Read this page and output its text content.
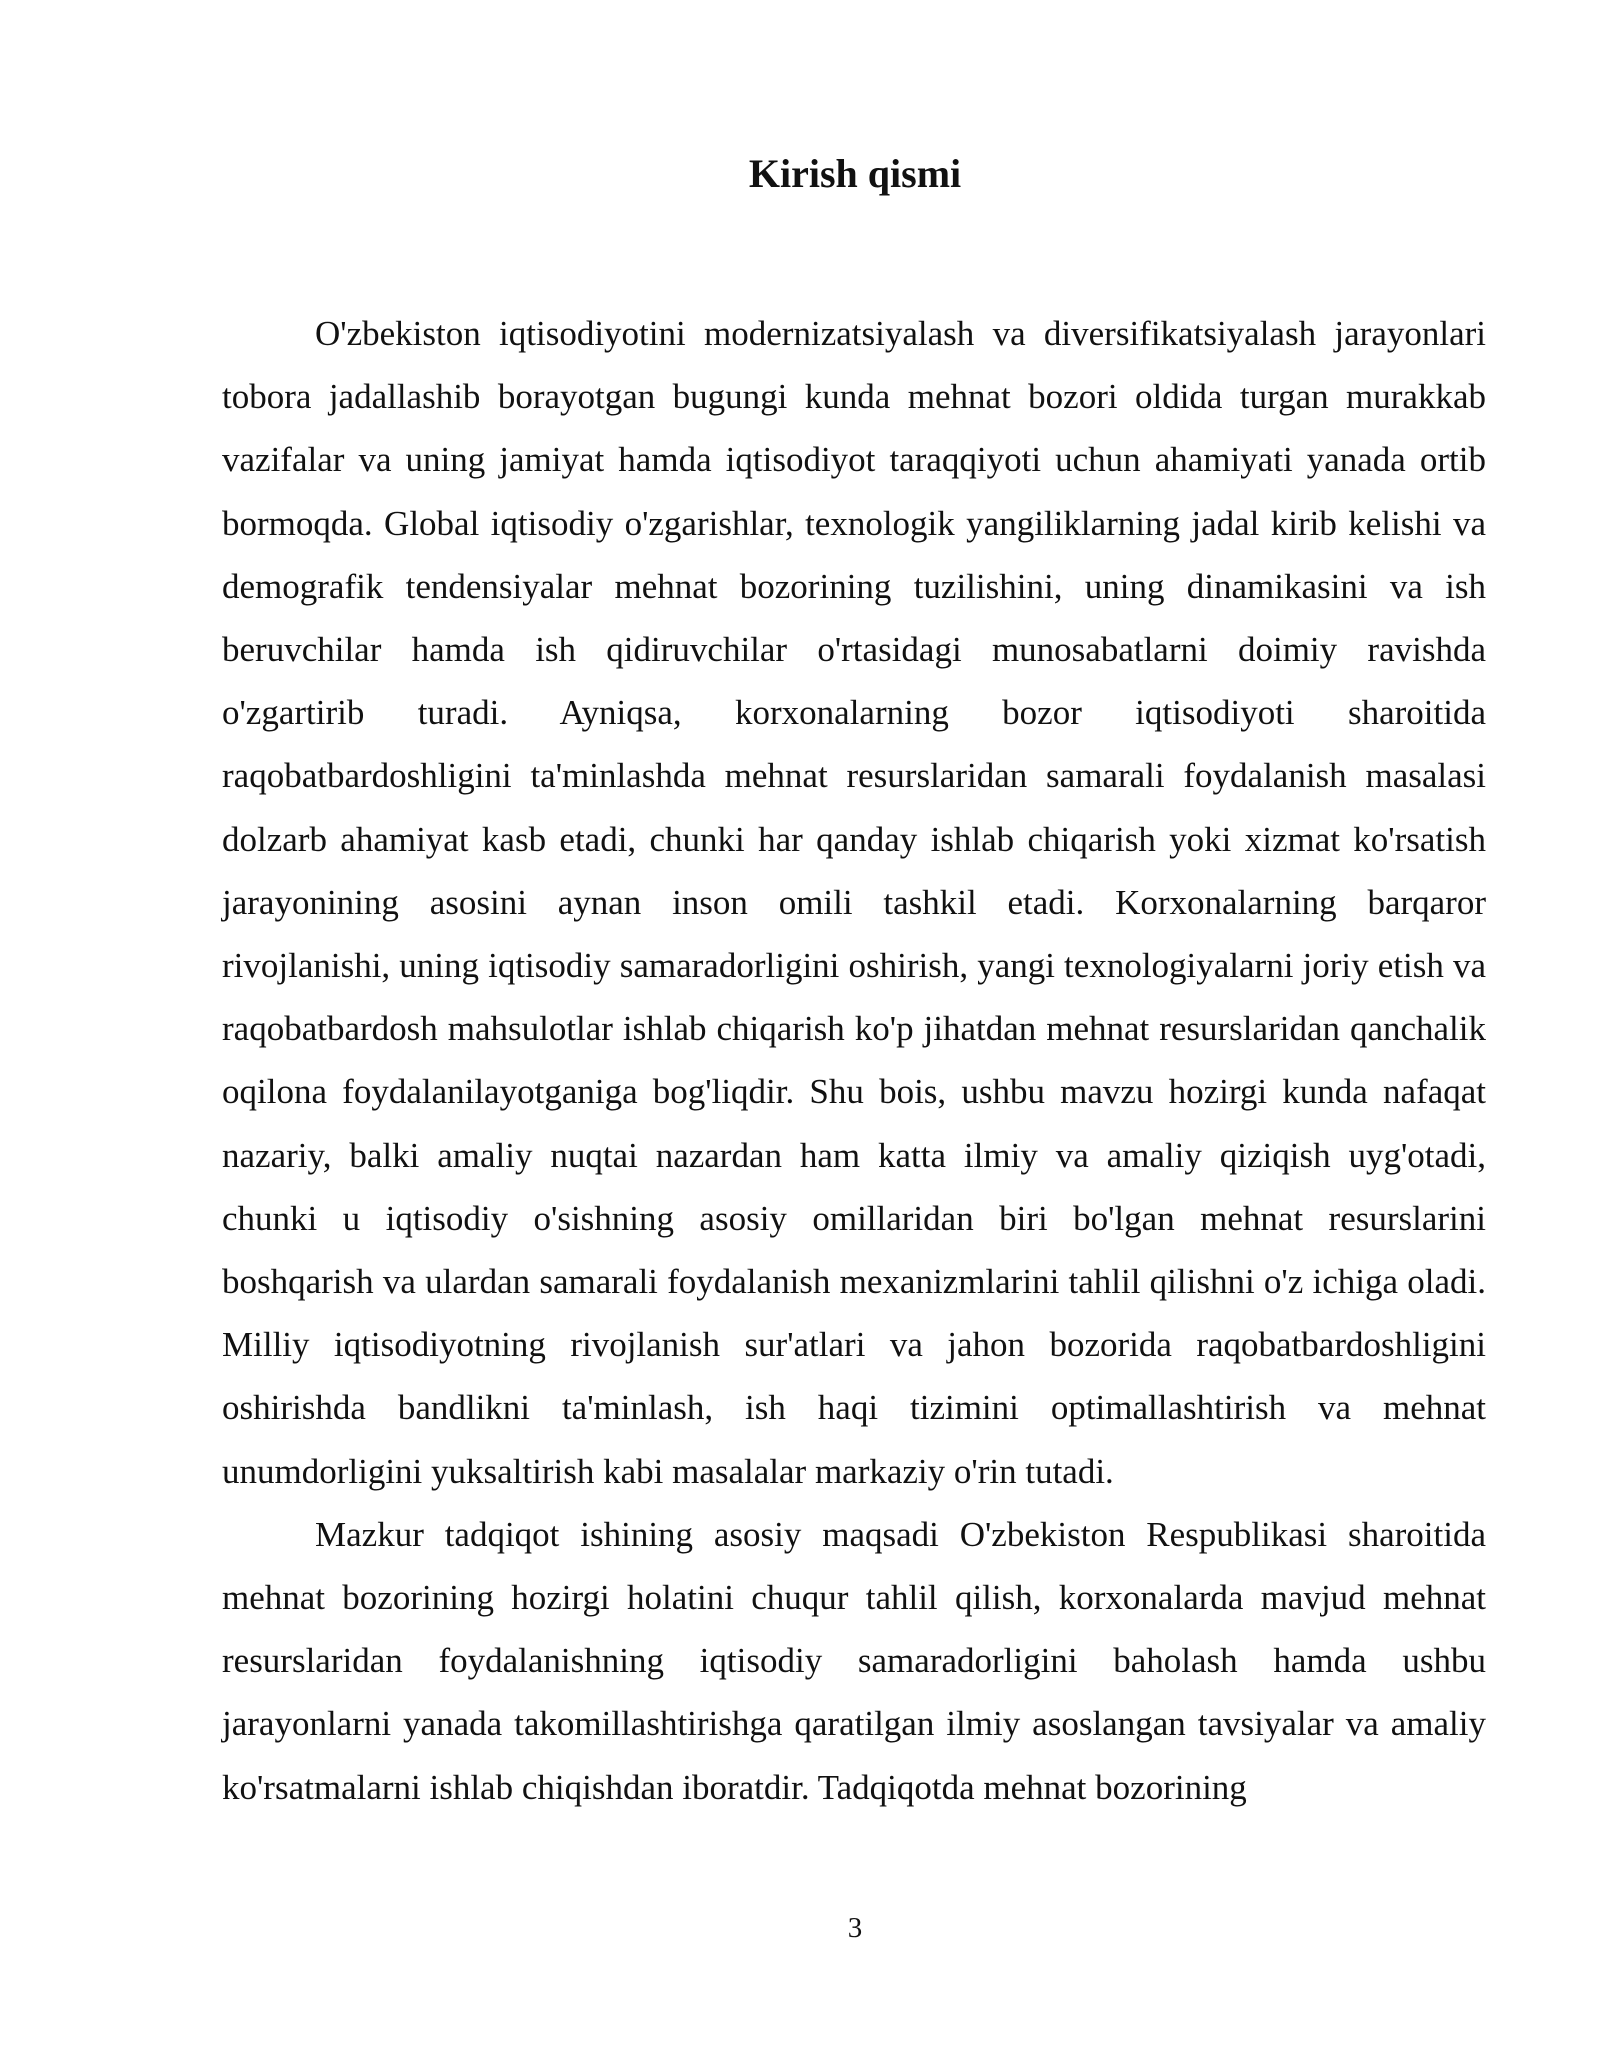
Kirish qismi

O'zbekiston iqtisodiyotini modernizatsiyalash va diversifikatsiyalash jarayonlari tobora jadallashib borayotgan bugungi kunda mehnat bozori oldida turgan murakkab vazifalar va uning jamiyat hamda iqtisodiyot taraqqiyoti uchun ahamiyati yanada ortib bormoqda. Global iqtisodiy o'zgarishlar, texnologik yangiliklarning jadal kirib kelishi va demografik tendensiyalar mehnat bozorining tuzilishini, uning dinamikasini va ish beruvchilar hamda ish qidiruvchilar o'rtasidagi munosabatlarni doimiy ravishda o'zgartirib turadi. Ayniqsa, korxonalarning bozor iqtisodiyoti sharoitida raqobatbardoshligini ta'minlashda mehnat resurslaridan samarali foydalanish masalasi dolzarb ahamiyat kasb etadi, chunki har qanday ishlab chiqarish yoki xizmat ko'rsatish jarayonining asosini aynan inson omili tashkil etadi. Korxonalarning barqaror rivojlanishi, uning iqtisodiy samaradorligini oshirish, yangi texnologiyalarni joriy etish va raqobatbardosh mahsulotlar ishlab chiqarish ko'p jihatdan mehnat resurslaridan qanchalik oqilona foydalanilayotganiga bog'liqdir. Shu bois, ushbu mavzu hozirgi kunda nafaqat nazariy, balki amaliy nuqtai nazardan ham katta ilmiy va amaliy qiziqish uyg'otadi, chunki u iqtisodiy o'sishning asosiy omillaridan biri bo'lgan mehnat resurslarini boshqarish va ulardan samarali foydalanish mexanizmlarini tahlil qilishni o'z ichiga oladi. Milliy iqtisodiyotning rivojlanish sur'atlari va jahon bozorida raqobatbardoshligini oshirishda bandlikni ta'minlash, ish haqi tizimini optimallashtirish va mehnat unumdorligini yuksaltirish kabi masalalar markaziy o'rin tutadi.

Mazkur tadqiqot ishining asosiy maqsadi O'zbekiston Respublikasi sharoitida mehnat bozorining hozirgi holatini chuqur tahlil qilish, korxonalarda mavjud mehnat resurslaridan foydalanishning iqtisodiy samaradorligini baholash hamda ushbu jarayonlarni yanada takomillashtirishga qaratilgan ilmiy asoslangan tavsiyalar va amaliy ko'rsatmalarni ishlab chiqishdan iboratdir. Tadqiqotda mehnat bozorining

3
